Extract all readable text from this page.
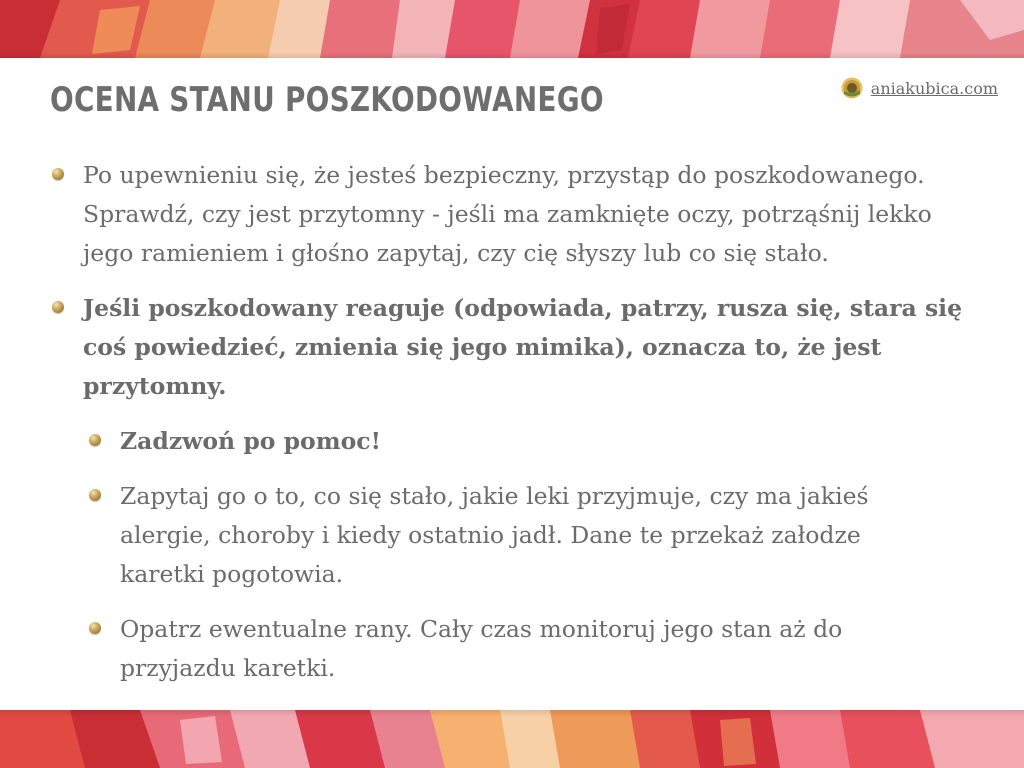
OCENA STANU POSZKODOWANEGO	aniakubica.com
Po upewnieniu się, że jesteś bezpieczny, przystąp do poszkodowanego. Sprawdź, czy jest przytomny - jeśli ma zamknięte oczy, potrząśnij lekko jego ramieniem i głośno zapytaj, czy cię słyszy lub co się stało.
Jeśli poszkodowany reaguje (odpowiada, patrzy, rusza się, stara się coś powiedzieć, zmienia się jego mimika), oznacza to, że jest przytomny.
Zadzwoń po pomoc!
Zapytaj go o to, co się stało, jakie leki przyjmuje, czy ma jakieś alergie, choroby i kiedy ostatnio jadł. Dane te przekaż załodze karetki pogotowia.
Opatrz ewentualne rany. Cały czas monitoruj jego stan aż do przyjazdu karetki.
